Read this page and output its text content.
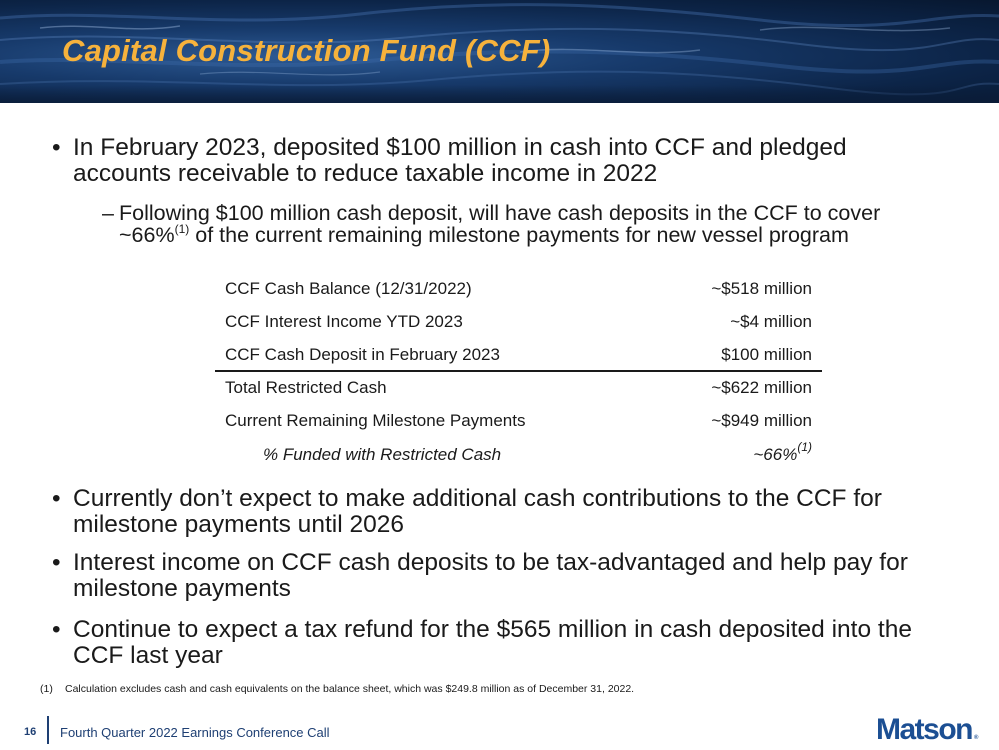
Capital Construction Fund (CCF)
• In February 2023, deposited $100 million in cash into CCF and pledged accounts receivable to reduce taxable income in 2022
– Following $100 million cash deposit, will have cash deposits in the CCF to cover ~66%$^{(1)}$ of the current remaining milestone payments for new vessel program
CCF Cash Balance (12/31/2022)	~$518 million
CCF Interest Income YTD 2023	~$4 million
CCF Cash Deposit in February 2023	$100 million
Total Restricted Cash	~$622 million
Current Remaining Milestone Payments	~$949 million
% Funded with Restricted Cash	~66%$^{(1)}$
• Currently don’t expect to make additional cash contributions to the CCF for milestone payments until 2026
• Interest income on CCF cash deposits to be tax-advantaged and help pay for milestone payments
• Continue to expect a tax refund for the $565 million in cash deposited into the CCF last year
(1) Calculation excludes cash and cash equivalents on the balance sheet, which was $249.8 million as of December 31, 2022.
16 Fourth Quarter 2022 Earnings Conference Call	Matson ®
